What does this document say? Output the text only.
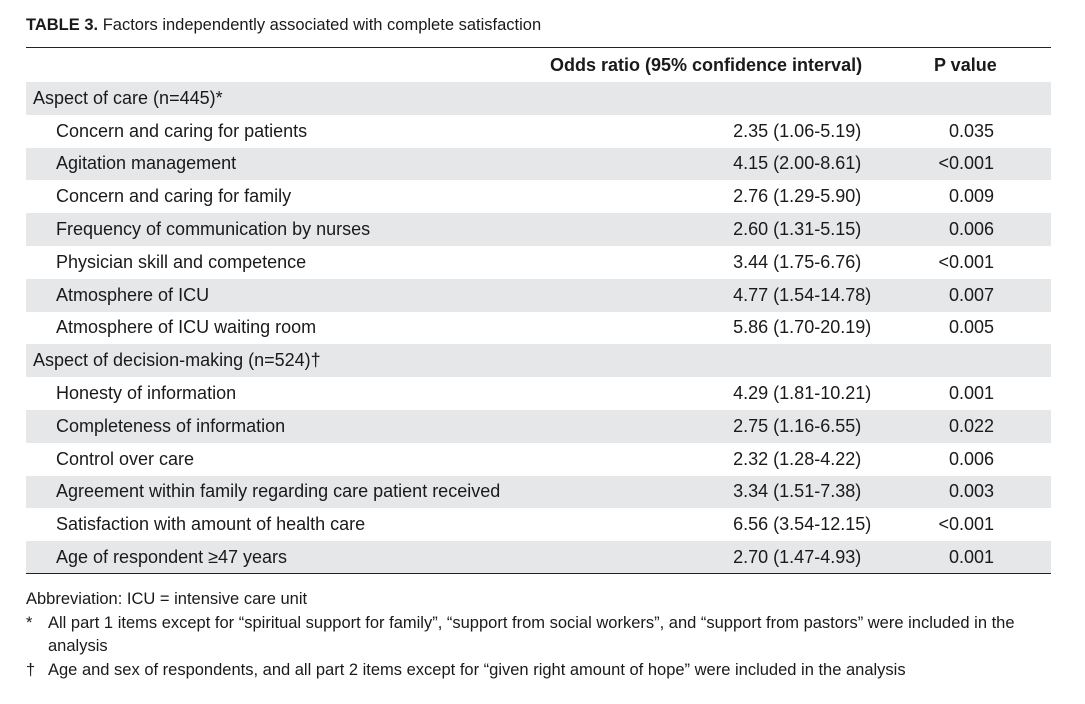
TABLE 3. Factors independently associated with complete satisfaction
Odds ratio (95% confidence interval)	P value
Aspect of care (n=445)*		
Concern and caring for patients	2.35 (1.06-5.19)	0.035
Agitation management	4.15 (2.00-8.61)	<0.001
Concern and caring for family	2.76 (1.29-5.90)	0.009
Frequency of communication by nurses	2.60 (1.31-5.15)	0.006
Physician skill and competence	3.44 (1.75-6.76)	<0.001
Atmosphere of ICU	4.77 (1.54-14.78)	0.007
Atmosphere of ICU waiting room	5.86 (1.70-20.19)	0.005
Aspect of decision-making (n=524)†		
Honesty of information	4.29 (1.81-10.21)	0.001
Completeness of information	2.75 (1.16-6.55)	0.022
Control over care	2.32 (1.28-4.22)	0.006
Agreement within family regarding care patient received	3.34 (1.51-7.38)	0.003
Satisfaction with amount of health care	6.56 (3.54-12.15)	<0.001
Age of respondent ≥47 years	2.70 (1.47-4.93)	0.001
Abbreviation: ICU = intensive care unit
* All part 1 items except for “spiritual support for family”, “support from social workers”, and “support from pastors” were included in the analysis
† Age and sex of respondents, and all part 2 items except for “given right amount of hope” were included in the analysis
